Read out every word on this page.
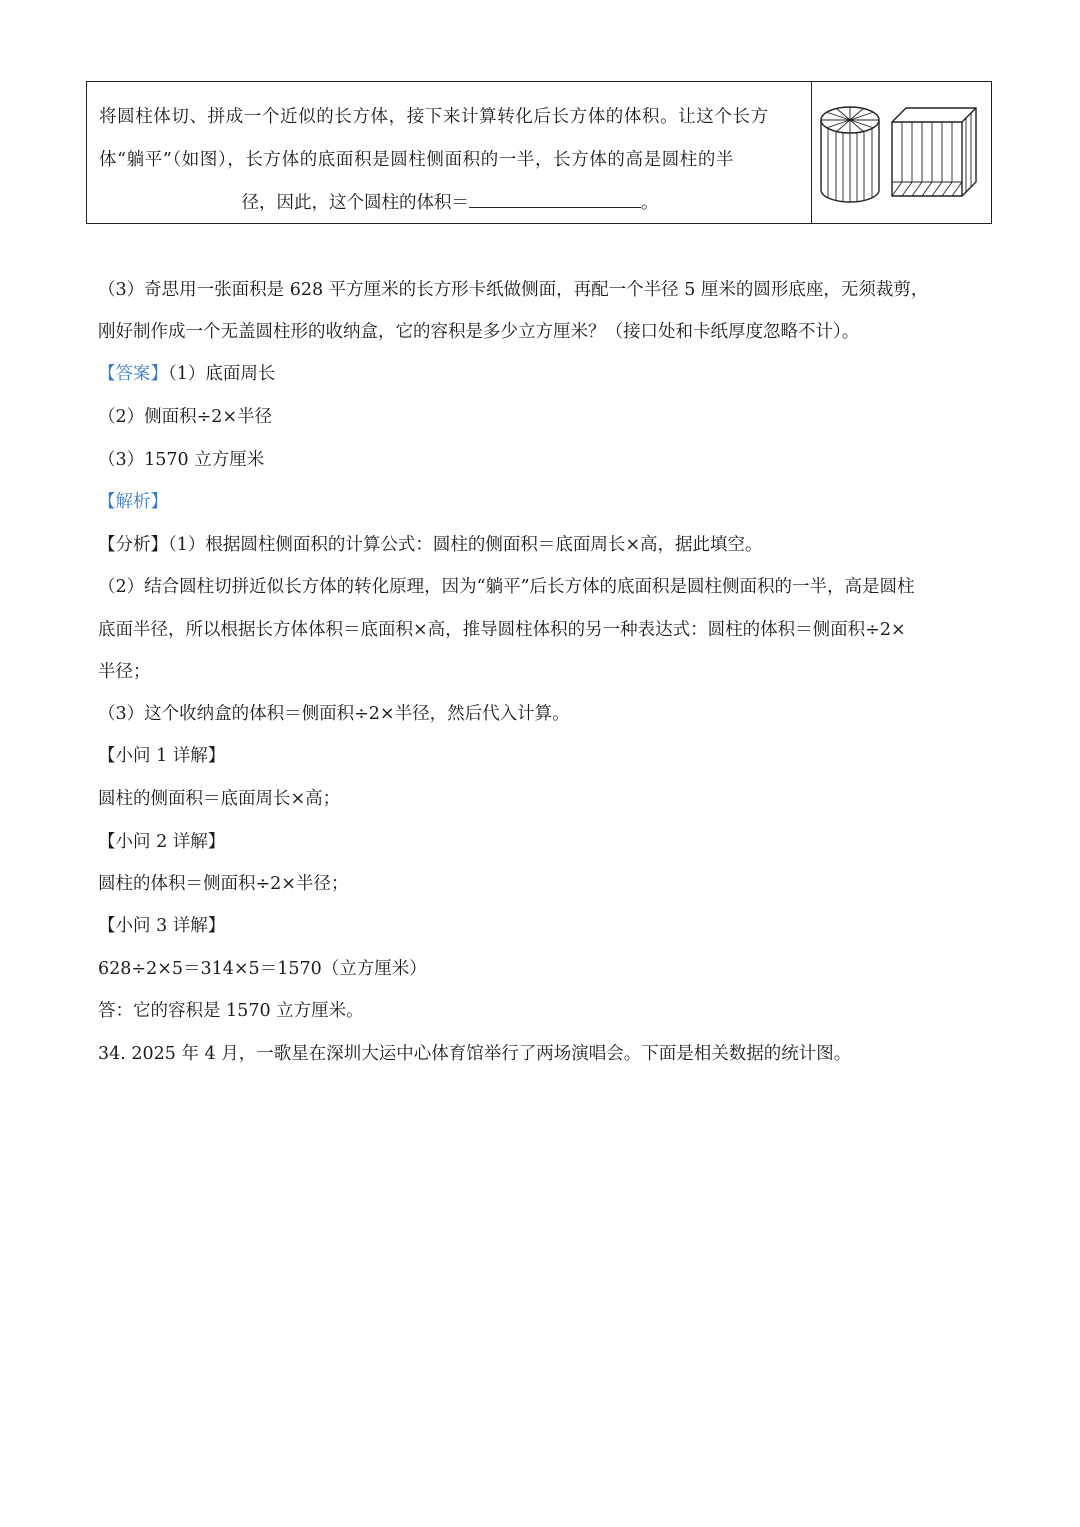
将圆柱体切、拼成一个近似的长方体，接下来计算转化后长方体的体积。让这个长方
体“躺平”（如图），长方体的底面积是圆柱侧面积的一半，长方体的高是圆柱的半
径，因此，这个圆柱的体积＝	。
（3）奇思用一张面积是 628 平方厘米的长方形卡纸做侧面，再配一个半径 5 厘米的圆形底座，无须裁剪，
刚好制作成一个无盖圆柱形的收纳盒，它的容积是多少立方厘米？（接口处和卡纸厚度忽略不计）。
【答案】（1）底面周长
（2）侧面积÷2×半径
（3）1570 立方厘米
【解析】
【分析】（1）根据圆柱侧面积的计算公式：圆柱的侧面积＝底面周长×高，据此填空。
（2）结合圆柱切拼近似长方体的转化原理，因为“躺平”后长方体的底面积是圆柱侧面积的一半，高是圆柱
底面半径，所以根据长方体体积＝底面积×高，推导圆柱体积的另一种表达式：圆柱的体积＝侧面积÷2×
半径；
（3）这个收纳盒的体积＝侧面积÷2×半径，然后代入计算。
【小问 1 详解】
圆柱的侧面积＝底面周长×高；
【小问 2 详解】
圆柱的体积＝侧面积÷2×半径；
【小问 3 详解】
628÷2×5＝314×5＝1570（立方厘米）
答：它的容积是 1570 立方厘米。
34. 2025 年 4 月，一歌星在深圳大运中心体育馆举行了两场演唱会。下面是相关数据的统计图。
